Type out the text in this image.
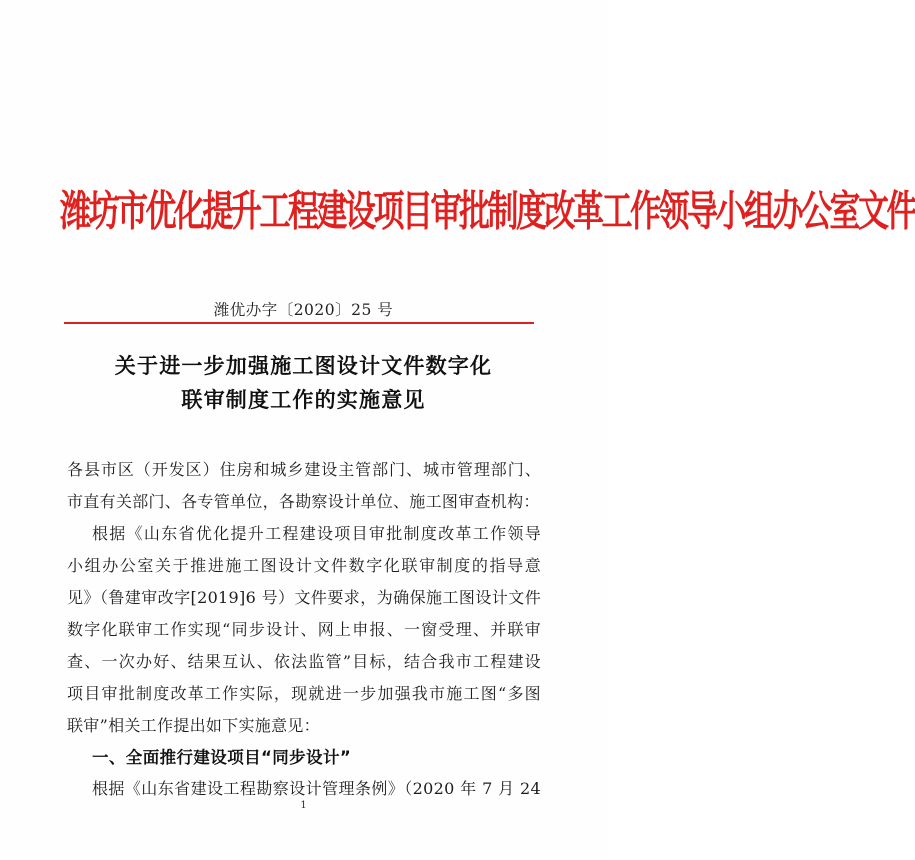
潍坊市优化提升工程建设项目审批制度改革工作领导小组办公室文件
潍优办字〔2020〕25 号
关于进一步加强施工图设计文件数字化
联审制度工作的实施意见
各县市区（开发区）住房和城乡建设主管部门、城市管理部门、
市直有关部门、各专管单位，各勘察设计单位、施工图审查机构：
根据《山东省优化提升工程建设项目审批制度改革工作领导
小组办公室关于推进施工图设计文件数字化联审制度的指导意
见》（鲁建审改字[2019]6 号）文件要求，为确保施工图设计文件
数字化联审工作实现“同步设计、网上申报、一窗受理、并联审
查、一次办好、结果互认、依法监管”目标，结合我市工程建设
项目审批制度改革工作实际，现就进一步加强我市施工图“多图
联审”相关工作提出如下实施意见：
一、全面推行建设项目“同步设计”
根据《山东省建设工程勘察设计管理条例》（2020 年 7 月 24
1
